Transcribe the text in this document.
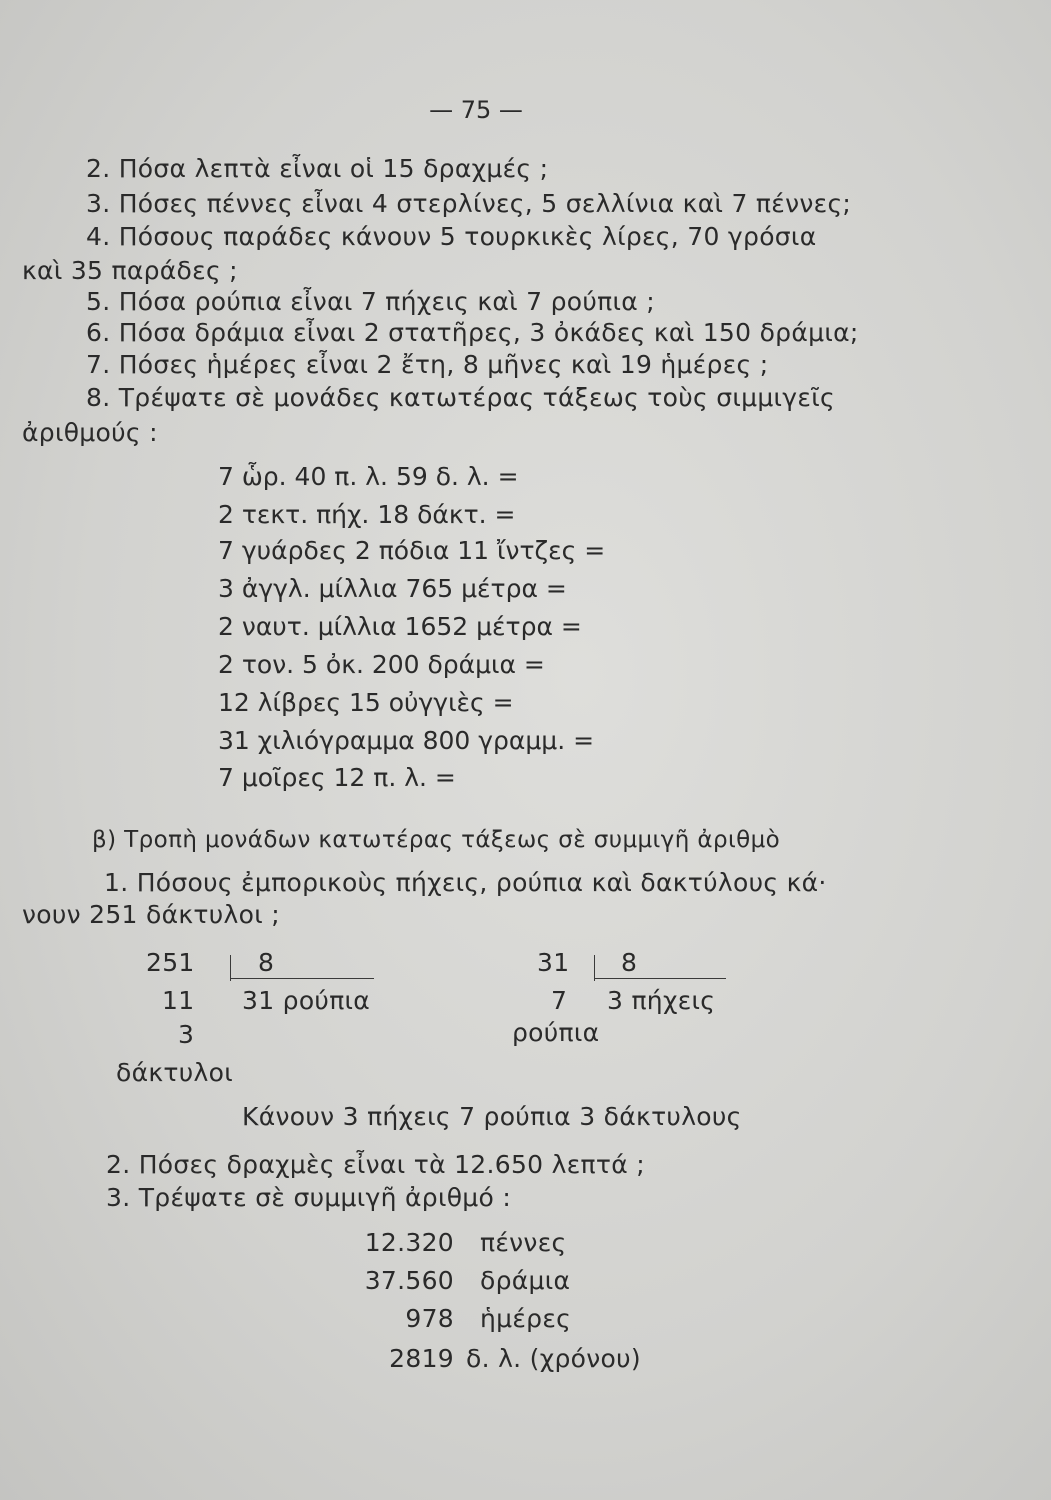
— 75 —
2. Πόσα λεπτὰ εἶναι οἱ 15 δραχμές ;
3. Πόσες πέννες εἶναι 4 στερλίνες, 5 σελλίνια καὶ 7 πέννες;
4. Πόσους παράδες κάνουν 5 τουρκικὲς λίρες, 70 γρόσια
καὶ 35 παράδες ;
5. Πόσα ρούπια εἶναι 7 πήχεις καὶ 7 ρούπια ;
6. Πόσα δράμια εἶναι 2 στατῆρες, 3 ὀκάδες καὶ 150 δράμια;
7. Πόσες ἡμέρες εἶναι 2 ἔτη, 8 μῆνες καὶ 19 ἡμέρες ;
8. Τρέψατε σὲ μονάδες κατωτέρας τάξεως τοὺς σιμμιγεῖς
ἀριθμούς :
7 ὧρ. 40 π. λ. 59 δ. λ. =
2 τεκτ. πήχ. 18 δάκτ. =
7 γυάρδες 2 πόδια 11 ἴντζες =
3 ἀγγλ. μίλλια 765 μέτρα =
2 ναυτ. μίλλια 1652 μέτρα =
2 τον. 5 ὀκ. 200 δράμια =
12 λίβρες 15 οὐγγιὲς =
31 χιλιόγραμμα 800 γραμμ. =
7 μοῖρες 12 π. λ. =
β) Τροπὴ μονάδων κατωτέρας τάξεως σὲ συμμιγῆ ἀριθμὸ
1. Πόσους ἐμπορικοὺς πήχεις, ρούπια καὶ δακτύλους κά·
νουν 251 δάκτυλοι ;
251	8
11 31 ρούπια
3
δάκτυλοι
31 8
7 3 πήχεις
ρούπια
Κάνουν 3 πήχεις 7 ρούπια 3 δάκτυλους
2. Πόσες δραχμὲς εἶναι τὰ 12.650 λεπτά ;
3. Τρέψατε σὲ συμμιγῆ ἀριθμό :
12.320 πέννες
37.560 δράμια
978 ἡμέρες
2819 δ. λ. (χρόνου)
